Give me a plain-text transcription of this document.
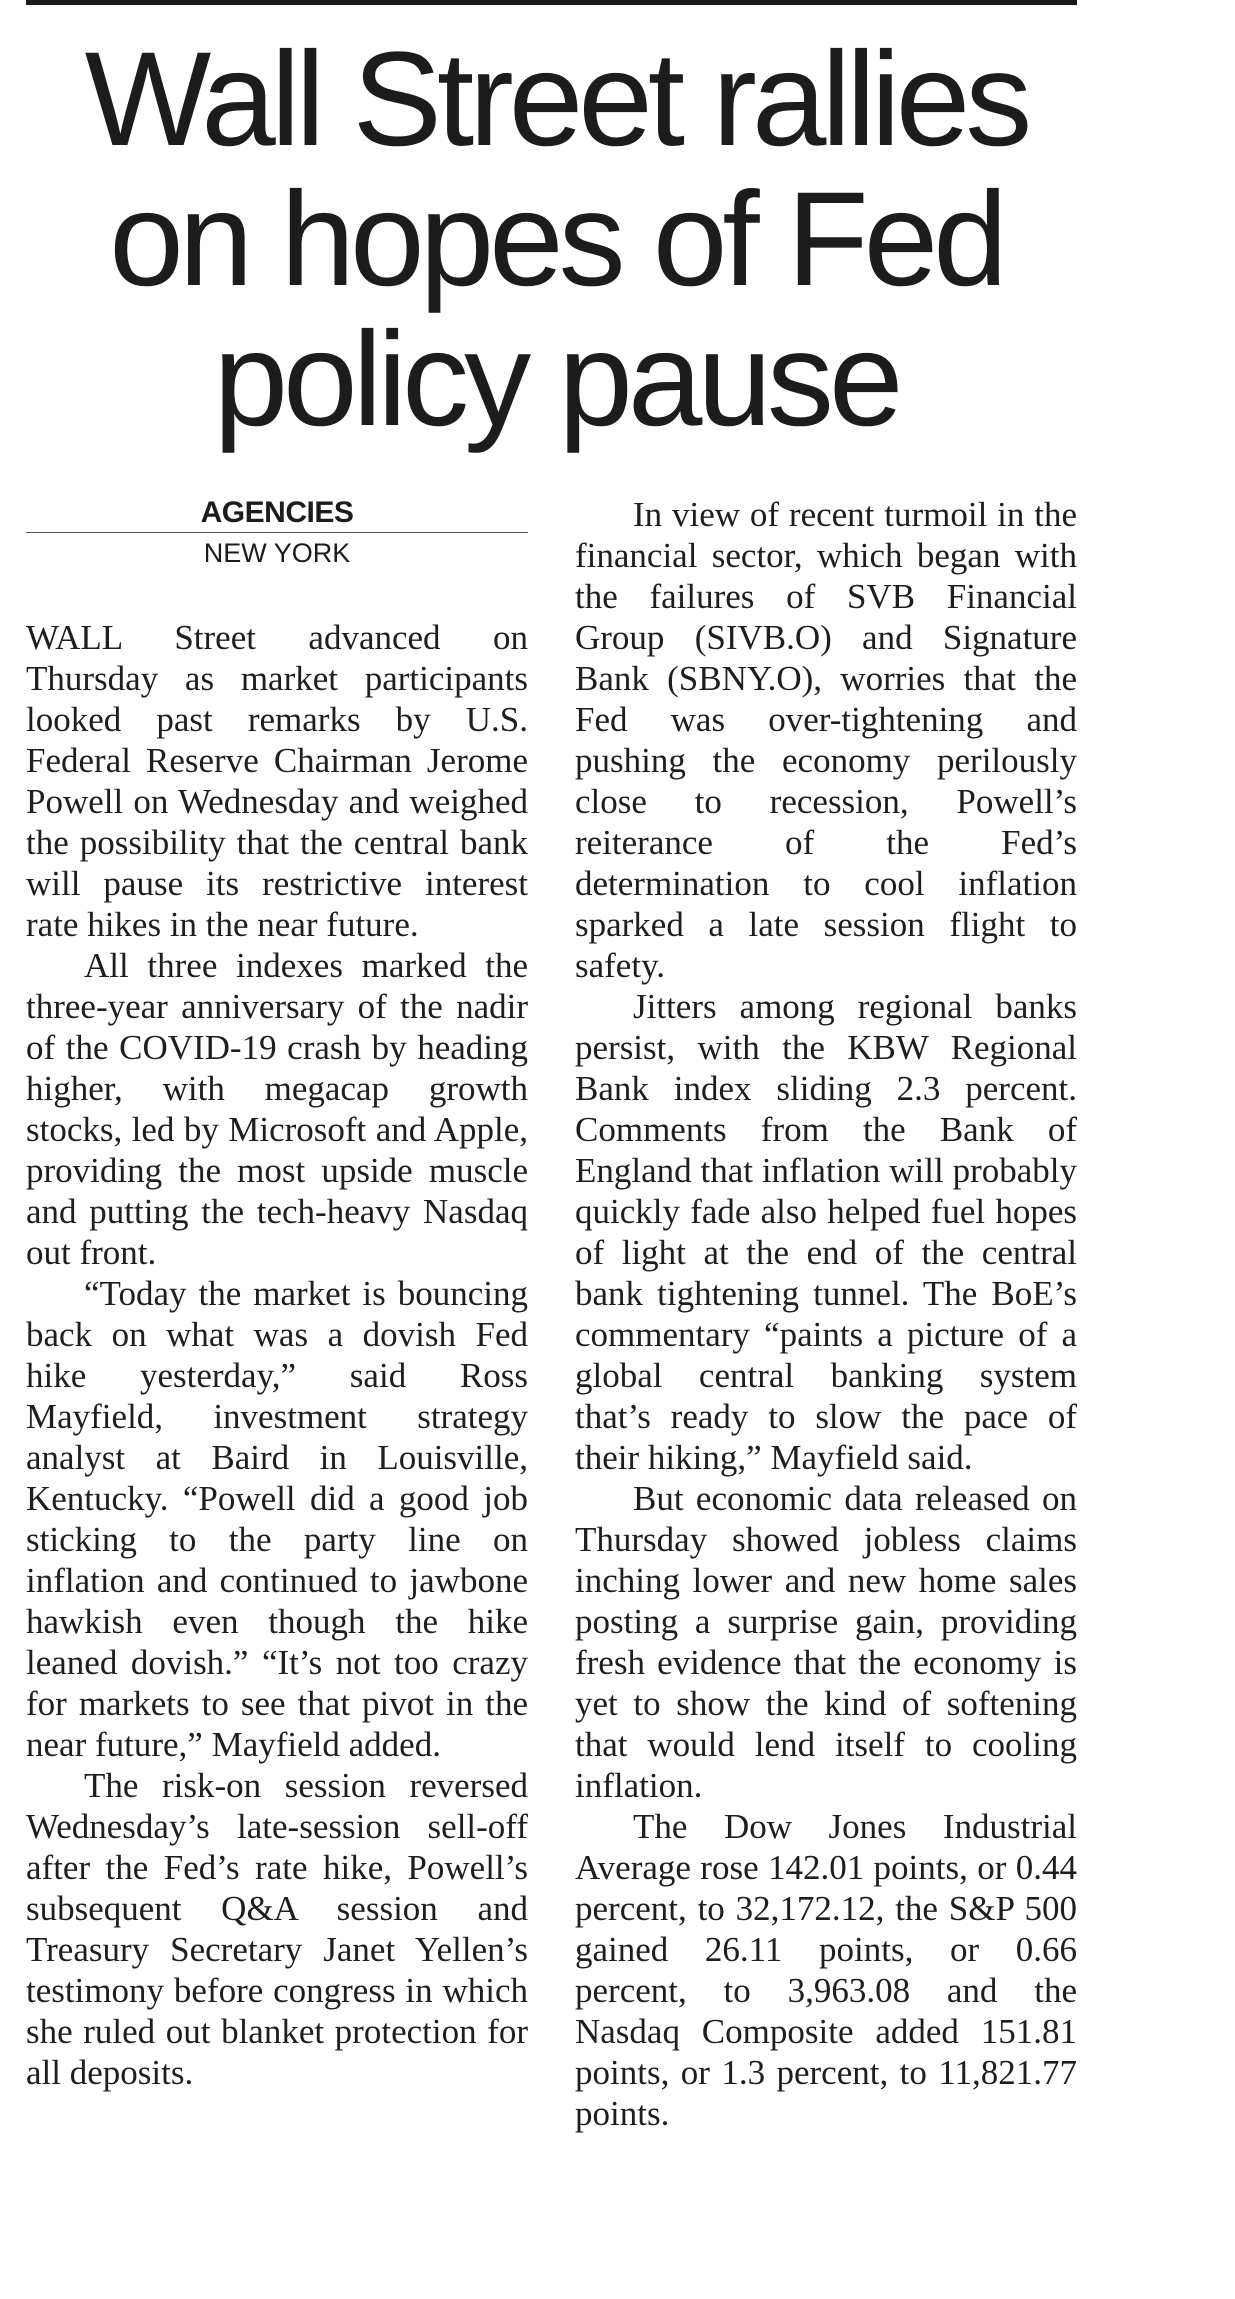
Wall Street rallies
on hopes of Fed
policy pause
AGENCIES
NEW YORK

WALL Street advanced on Thursday as market participants looked past remarks by U.S. Federal Reserve Chairman Jerome Powell on Wednesday and weighed the possibility that the central bank will pause its restrictive interest rate hikes in the near future.

All three indexes marked the three-year anniversary of the nadir of the COVID-19 crash by heading higher, with megacap growth stocks, led by Microsoft and Apple, providing the most upside muscle and putting the tech-heavy Nasdaq out front.

“Today the market is bouncing back on what was a dovish Fed hike yesterday,” said Ross Mayfield, investment strategy analyst at Baird in Louisville, Kentucky. “Powell did a good job sticking to the party line on inflation and continued to jawbone hawkish even though the hike leaned dovish.” “It’s not too crazy for markets to see that pivot in the near future,” Mayfield added.

The risk-on session reversed Wednesday’s late-session sell-off after the Fed’s rate hike, Powell’s subsequent Q&A session and Treasury Secretary Janet Yellen’s testimony before congress in which she ruled out blanket protection for all deposits.

In view of recent turmoil in the financial sector, which began with the failures of SVB Financial Group (SIVB.O) and Signature Bank (SBNY.O), worries that the Fed was over-tightening and pushing the economy perilously close to recession, Powell’s reiterance of the Fed’s determination to cool inflation sparked a late session flight to safety.

Jitters among regional banks persist, with the KBW Regional Bank index sliding 2.3 percent. Comments from the Bank of England that inflation will probably quickly fade also helped fuel hopes of light at the end of the central bank tightening tunnel. The BoE’s commentary “paints a picture of a global central banking system that’s ready to slow the pace of their hiking,” Mayfield said.

But economic data released on Thursday showed jobless claims inching lower and new home sales posting a surprise gain, providing fresh evidence that the economy is yet to show the kind of softening that would lend itself to cooling inflation.

The Dow Jones Industrial Average rose 142.01 points, or 0.44 percent, to 32,172.12, the S&P 500 gained 26.11 points, or 0.66 percent, to 3,963.08 and the Nasdaq Composite added 151.81 points, or 1.3 percent, to 11,821.77 points.
